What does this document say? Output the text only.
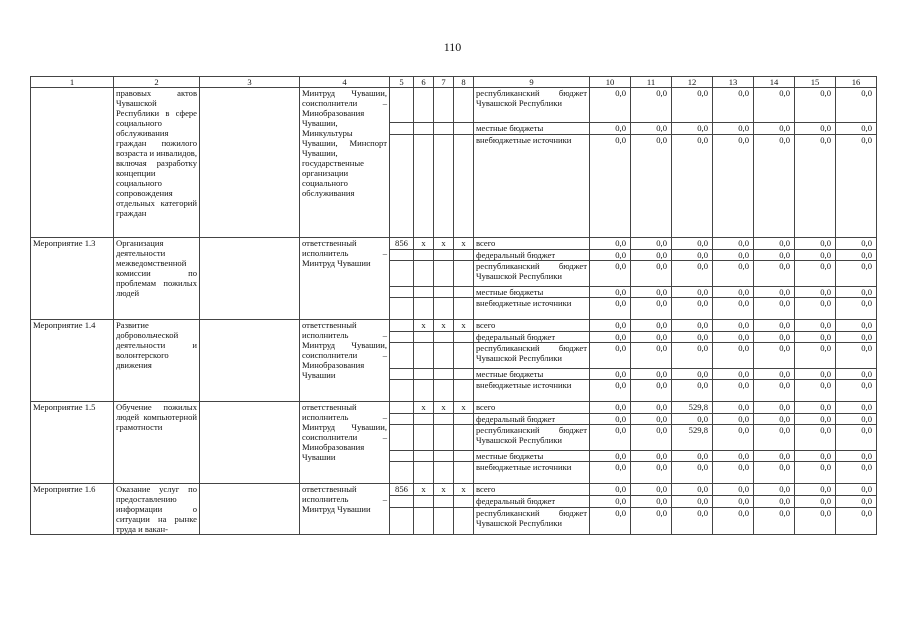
110
1	2	3	4	5	6	7	8	9	10	11	12	13	14	15	16
	правовых актов Чувашской Республики в сфере социального обслуживания граждан пожилого возраста и инвалидов, включая разработку концепции социального сопровождения отдельных категорий граждан		Минтруд Чувашии, соисполнители – Минобразования Чувашии, Минкультуры Чувашии, Минспорт Чувашии, государственные организации социального обслуживания					республиканский бюджет Чувашской Республики	0,0	0,0	0,0	0,0	0,0	0,0	0,0
								местные бюджеты	0,0	0,0	0,0	0,0	0,0	0,0	0,0
								внебюджетные источники	0,0	0,0	0,0	0,0	0,0	0,0	0,0
Мероприятие 1.3	Организация деятельности межведомственной комиссии по проблемам пожилых людей		ответственный исполнитель – Минтруд Чувашии	856	x	x	x	всего	0,0	0,0	0,0	0,0	0,0	0,0	0,0
								федеральный бюджет	0,0	0,0	0,0	0,0	0,0	0,0	0,0
								республиканский бюджет Чувашской Республики	0,0	0,0	0,0	0,0	0,0	0,0	0,0
								местные бюджеты	0,0	0,0	0,0	0,0	0,0	0,0	0,0
								внебюджетные источники	0,0	0,0	0,0	0,0	0,0	0,0	0,0
Мероприятие 1.4	Развитие добровольческой деятельности и волонтерского движения		ответственный исполнитель – Минтруд Чувашии, соисполнители – Минобразования Чувашии		x	x	x	всего	0,0	0,0	0,0	0,0	0,0	0,0	0,0
								федеральный бюджет	0,0	0,0	0,0	0,0	0,0	0,0	0,0
								республиканский бюджет Чувашской Республики	0,0	0,0	0,0	0,0	0,0	0,0	0,0
								местные бюджеты	0,0	0,0	0,0	0,0	0,0	0,0	0,0
								внебюджетные источники	0,0	0,0	0,0	0,0	0,0	0,0	0,0
Мероприятие 1.5	Обучение пожилых людей компьютерной грамотности		ответственный исполнитель – Минтруд Чувашии, соисполнители – Минобразования Чувашии		x	x	x	всего	0,0	0,0	529,8	0,0	0,0	0,0	0,0
								федеральный бюджет	0,0	0,0	0,0	0,0	0,0	0,0	0,0
								республиканский бюджет Чувашской Республики	0,0	0,0	529,8	0,0	0,0	0,0	0,0
								местные бюджеты	0,0	0,0	0,0	0,0	0,0	0,0	0,0
								внебюджетные источники	0,0	0,0	0,0	0,0	0,0	0,0	0,0
Мероприятие 1.6	Оказание услуг по предоставлению информации о ситуации на рынке труда и вакан-		ответственный исполнитель – Минтруд Чувашии	856	x	x	x	всего	0,0	0,0	0,0	0,0	0,0	0,0	0,0
								федеральный бюджет	0,0	0,0	0,0	0,0	0,0	0,0	0,0
								республиканский бюджет Чувашской Республики	0,0	0,0	0,0	0,0	0,0	0,0	0,0
